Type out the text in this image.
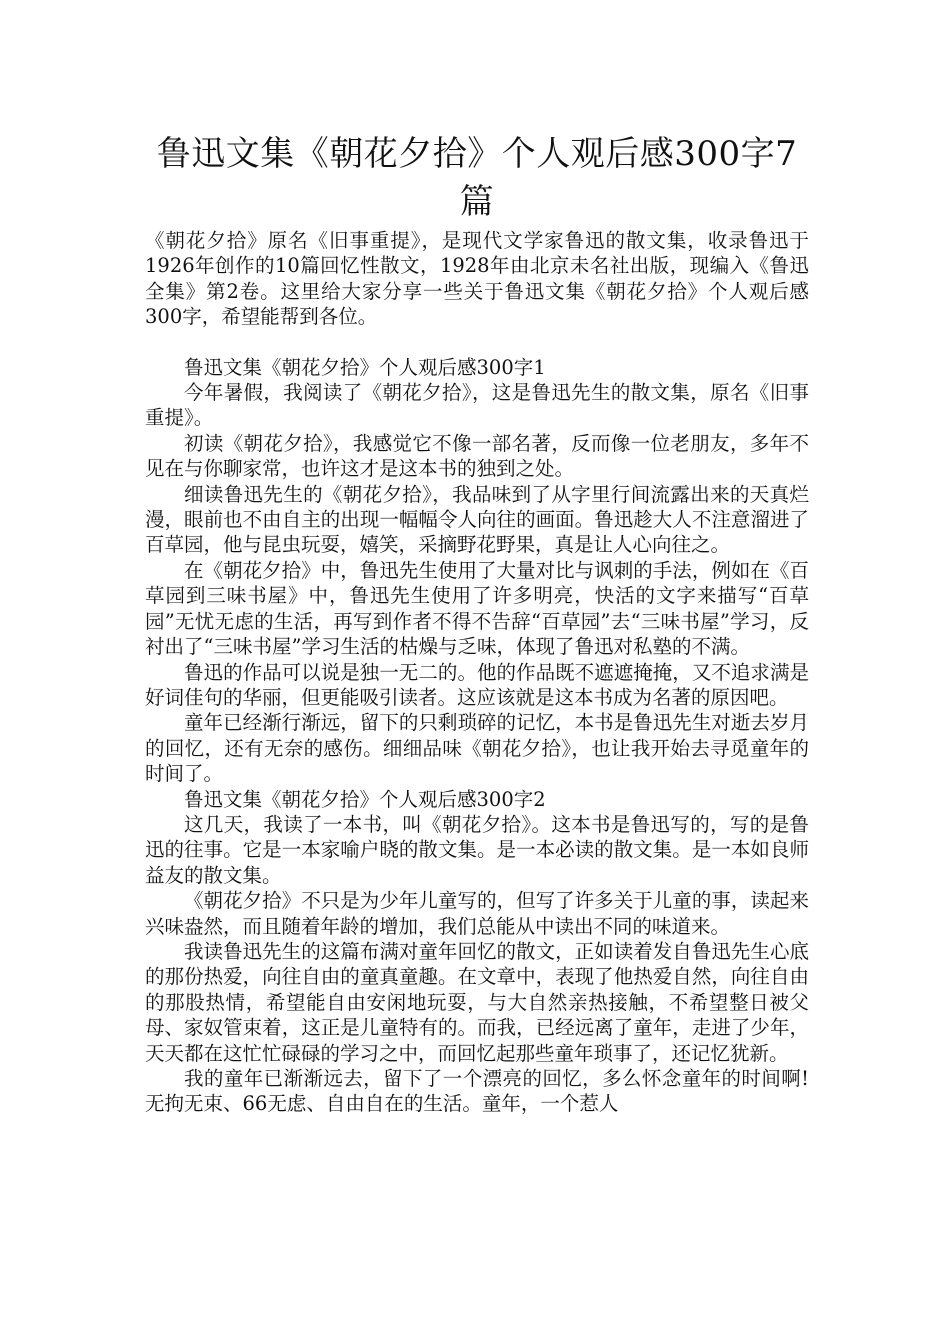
鲁迅文集《朝花夕拾》个人观后感300字7篇

《朝花夕拾》原名《旧事重提》，是现代文学家鲁迅的散文集，收录鲁迅于1926年创作的10篇回忆性散文，1928年由北京未名社出版，现编入《鲁迅全集》第2卷。这里给大家分享一些关于鲁迅文集《朝花夕拾》个人观后感300字，希望能帮到各位。

鲁迅文集《朝花夕拾》个人观后感300字1

今年暑假，我阅读了《朝花夕拾》，这是鲁迅先生的散文集，原名《旧事重提》。

初读《朝花夕拾》，我感觉它不像一部名著，反而像一位老朋友，多年不见在与你聊家常，也许这才是这本书的独到之处。

细读鲁迅先生的《朝花夕拾》，我品味到了从字里行间流露出来的天真烂漫，眼前也不由自主的出现一幅幅令人向往的画面。鲁迅趁大人不注意溜进了百草园，他与昆虫玩耍，嬉笑，采摘野花野果，真是让人心向往之。

在《朝花夕拾》中，鲁迅先生使用了大量对比与讽刺的手法，例如在《百草园到三味书屋》中，鲁迅先生使用了许多明亮，快活的文字来描写“百草园”无忧无虑的生活，再写到作者不得不告辞“百草园”去“三味书屋”学习，反衬出了“三味书屋”学习生活的枯燥与乏味，体现了鲁迅对私塾的不满。

鲁迅的作品可以说是独一无二的。他的作品既不遮遮掩掩，又不追求满是好词佳句的华丽，但更能吸引读者。这应该就是这本书成为名著的原因吧。

童年已经渐行渐远，留下的只剩琐碎的记忆，本书是鲁迅先生对逝去岁月的回忆，还有无奈的感伤。细细品味《朝花夕拾》，也让我开始去寻觅童年的时间了。

鲁迅文集《朝花夕拾》个人观后感300字2

这几天，我读了一本书，叫《朝花夕拾》。这本书是鲁迅写的，写的是鲁迅的往事。它是一本家喻户晓的散文集。是一本必读的散文集。是一本如良师益友的散文集。

《朝花夕拾》不只是为少年儿童写的，但写了许多关于儿童的事，读起来兴味盎然，而且随着年龄的增加，我们总能从中读出不同的味道来。

我读鲁迅先生的这篇布满对童年回忆的散文，正如读着发自鲁迅先生心底的那份热爱，向往自由的童真童趣。在文章中，表现了他热爱自然，向往自由的那股热情，希望能自由安闲地玩耍，与大自然亲热接触，不希望整日被父母、家奴管束着，这正是儿童特有的。而我，已经远离了童年，走进了少年，天天都在这忙忙碌碌的学习之中，而回忆起那些童年琐事了，还记忆犹新。

我的童年已渐渐远去，留下了一个漂亮的回忆，多么怀念童年的时间啊!无拘无束、66无虑、自由自在的生活。童年，一个惹人
